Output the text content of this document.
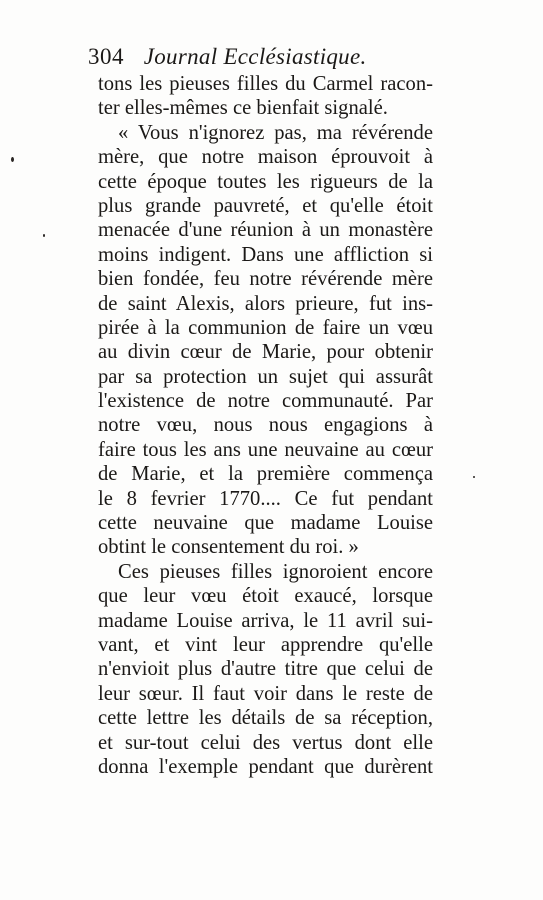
304 Journal Ecclésiastique.
tons les pieuses filles du Carmel racon-
ter elles-mêmes ce bienfait signalé.
« Vous n'ignorez pas, ma révérende
mère, que notre maison éprouvoit à
cette époque toutes les rigueurs de la
plus grande pauvreté, et qu'elle étoit
menacée d'une réunion à un monastère
moins indigent. Dans une affliction si
bien fondée, feu notre révérende mère
de saint Alexis, alors prieure, fut ins-
pirée à la communion de faire un vœu
au divin cœur de Marie, pour obtenir
par sa protection un sujet qui assurât
l'existence de notre communauté. Par
notre vœu, nous nous engagions à
faire tous les ans une neuvaine au cœur
de Marie, et la première commença
le 8 fevrier 1770.... Ce fut pendant
cette neuvaine que madame Louise
obtint le consentement du roi. »
Ces pieuses filles ignoroient encore
que leur vœu étoit exaucé, lorsque
madame Louise arriva, le 11 avril sui-
vant, et vint leur apprendre qu'elle
n'envioit plus d'autre titre que celui de
leur sœur. Il faut voir dans le reste de
cette lettre les détails de sa réception,
et sur-tout celui des vertus dont elle
donna l'exemple pendant que durèrent
